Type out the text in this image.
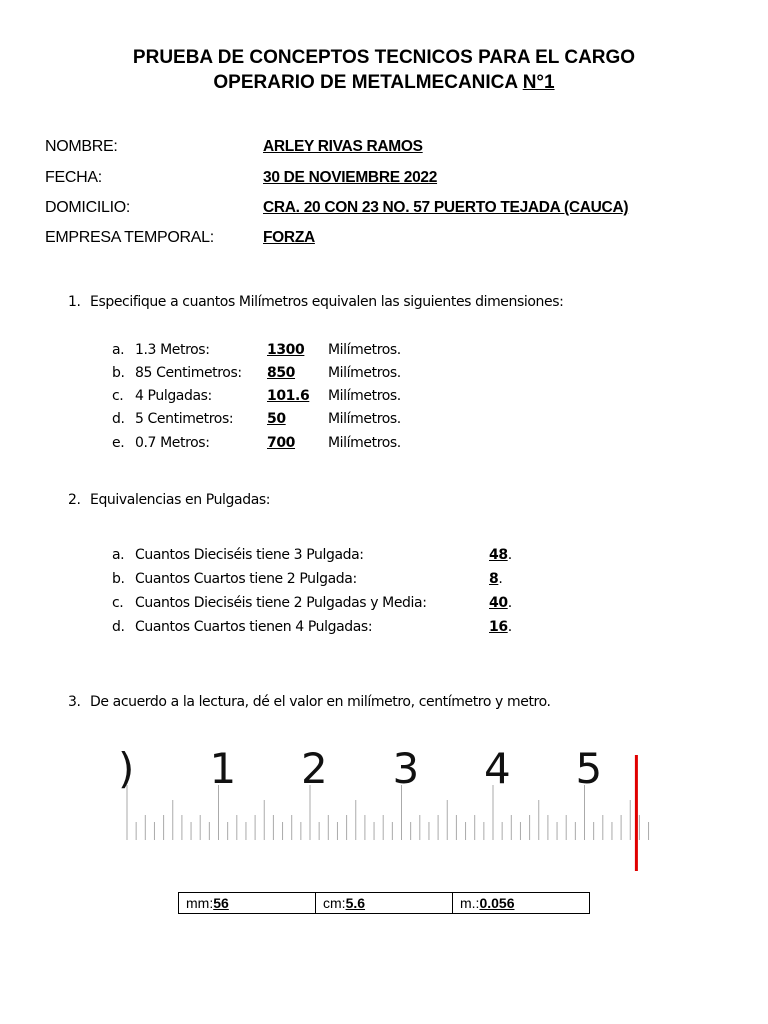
PRUEBA DE CONCEPTOS TECNICOS PARA EL CARGO
OPERARIO DE METALMECANICA N°1
NOMBRE:	ARLEY RIVAS RAMOS
FECHA:	30 DE NOVIEMBRE 2022
DOMICILIO:	CRA. 20 CON 23 NO. 57 PUERTO TEJADA (CAUCA)
EMPRESA TEMPORAL:	FORZA
1. Especifique a cuantos Milímetros equivalen las siguientes dimensiones:
a. 1.3 Metros:	1300 Milímetros.
b. 85 Centimetros: 850 Milímetros.
c. 4 Pulgadas:	101.6 Milímetros.
d. 5 Centimetros: 50	Milímetros.
e. 0.7 Metros:	700 Milímetros.
2. Equivalencias en Pulgadas:
a. Cuantos Dieciséis tiene 3 Pulgada:	48.
b. Cuantos Cuartos tiene 2 Pulgada:	8.
c. Cuantos Dieciséis tiene 2 Pulgadas y Media:	40.
d. Cuantos Cuartos tienen 4 Pulgadas:	16.
3. De acuerdo a la lectura, dé el valor en milímetro, centímetro y metro.
) 1 2 3 4 5
mm:56	cm:5.6	m.:0.056
